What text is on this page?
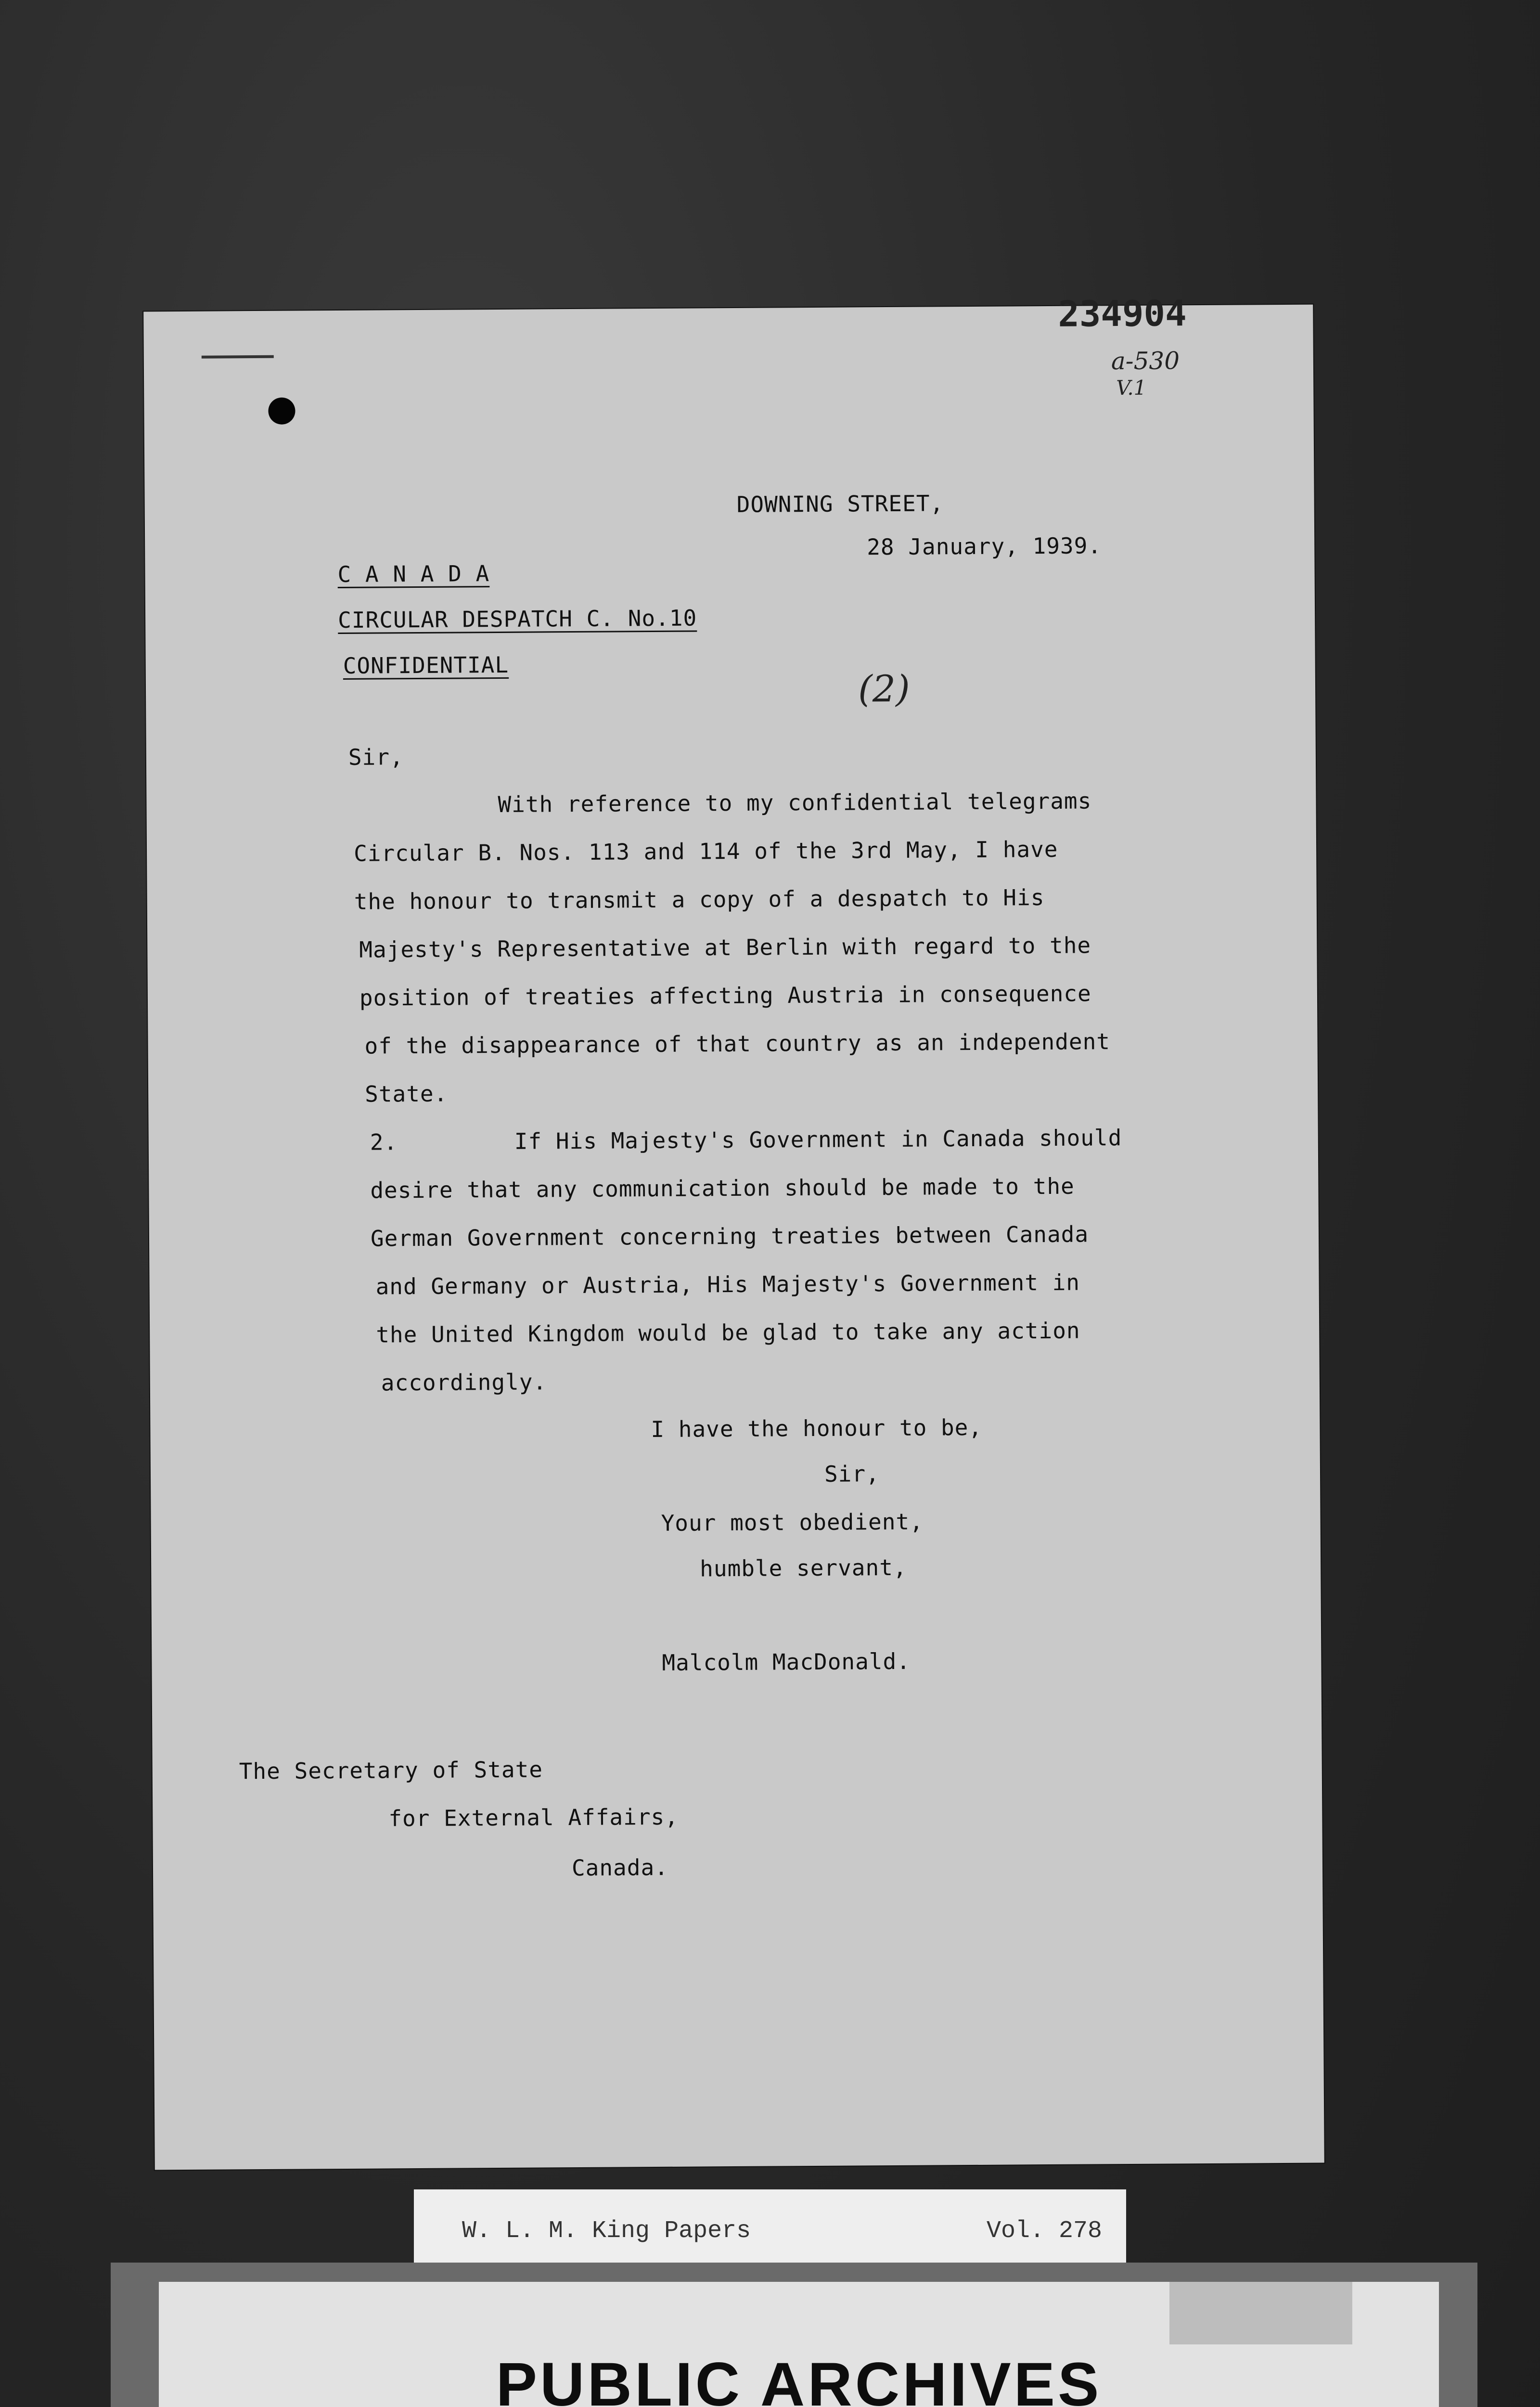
234904
a-530
V.1
(2)
DOWNING STREET,
28 January, 1939.
C A N A D A
CIRCULAR DESPATCH C. No.10
CONFIDENTIAL
Sir,
With reference to my confidential telegrams
Circular B. Nos. 113 and 114 of the 3rd May, I have
the honour to transmit a copy of a despatch to His
Majesty's Representative at Berlin with regard to the
position of treaties affecting Austria in consequence
of the disappearance of that country as an independent
State.
2.	If His Majesty's Government in Canada should
desire that any communication should be made to the
German Government concerning treaties between Canada
and Germany or Austria, His Majesty's Government in
the United Kingdom would be glad to take any action
accordingly.
I have the honour to be,
Sir,
Your most obedient,
humble servant,
Malcolm MacDonald.
The Secretary of State
for External Affairs,
Canada.
W. L. M. King Papers	Vol. 278
PUBLIC ARCHIVES
